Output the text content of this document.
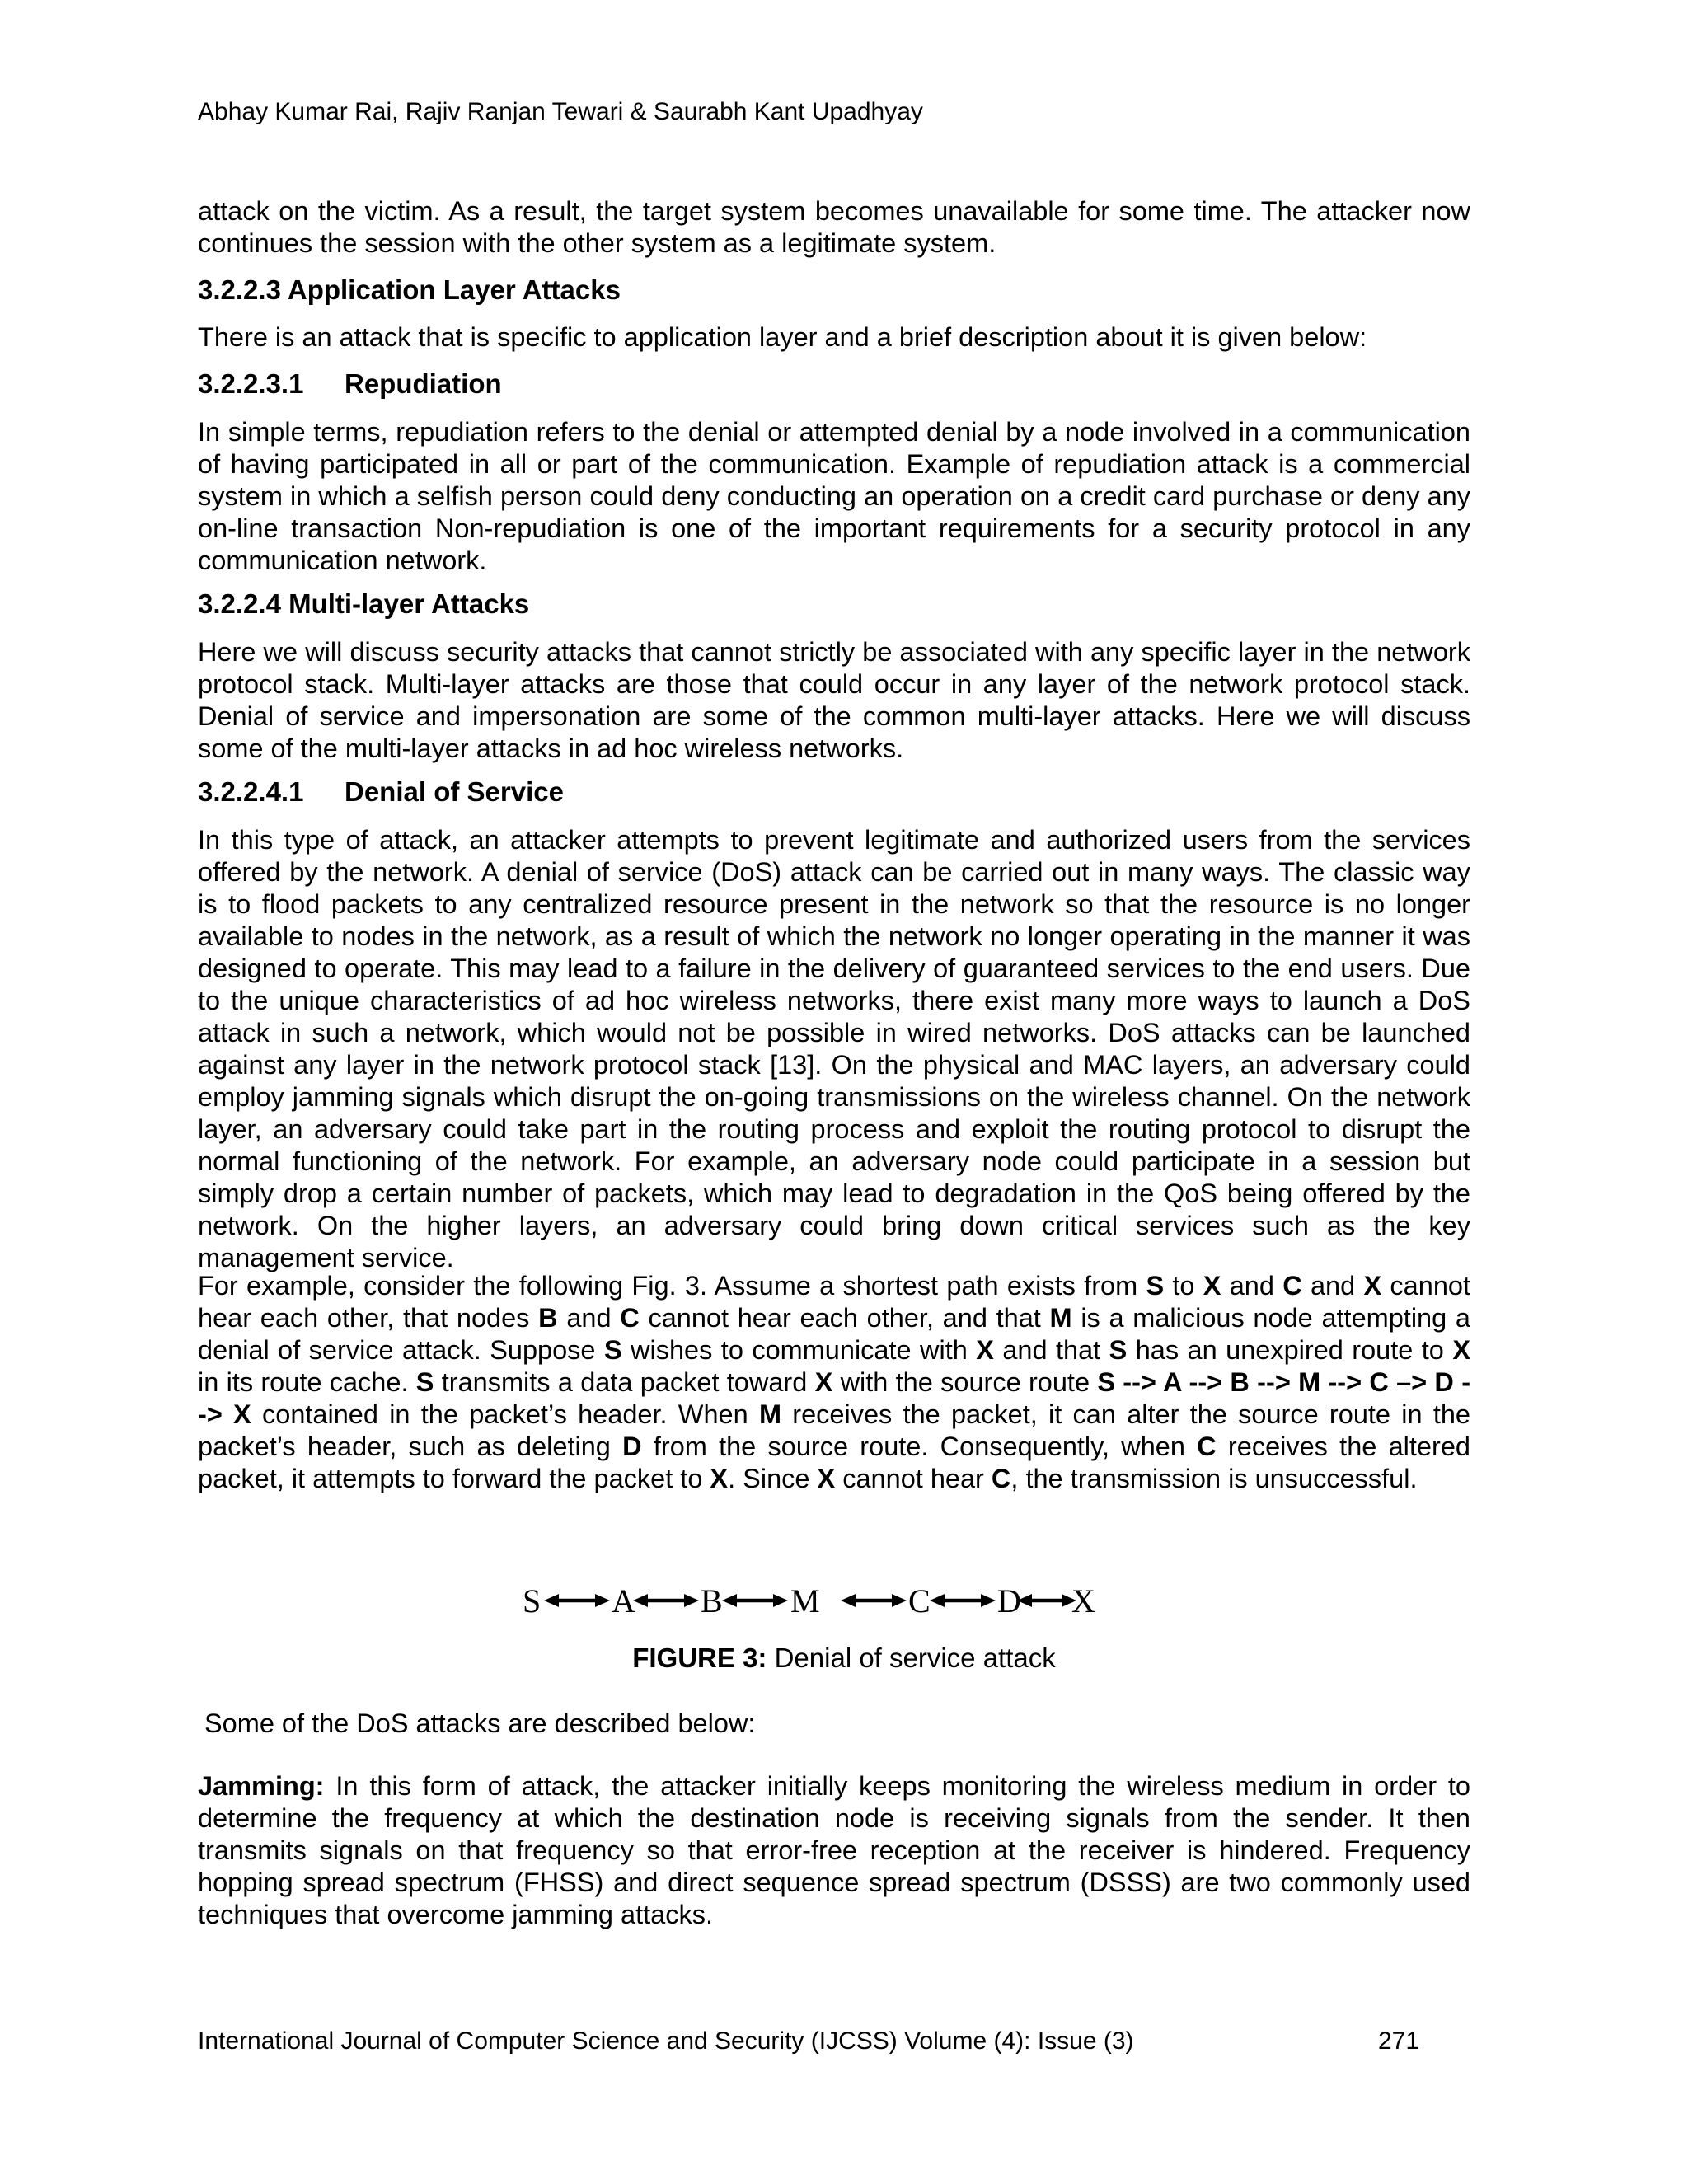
Abhay Kumar Rai, Rajiv Ranjan Tewari & Saurabh Kant Upadhyay

attack on the victim. As a result, the target system becomes unavailable for some time. The attacker now continues the session with the other system as a legitimate system.

3.2.2.3 Application Layer Attacks

There is an attack that is specific to application layer and a brief description about it is given below:

3.2.2.3.1 Repudiation

In simple terms, repudiation refers to the denial or attempted denial by a node involved in a communication of having participated in all or part of the communication. Example of repudiation attack is a commercial system in which a selfish person could deny conducting an operation on a credit card purchase or deny any on-line transaction Non-repudiation is one of the important requirements for a security protocol in any communication network.

3.2.2.4 Multi-layer Attacks

Here we will discuss security attacks that cannot strictly be associated with any specific layer in the network protocol stack. Multi-layer attacks are those that could occur in any layer of the network protocol stack. Denial of service and impersonation are some of the common multi-layer attacks. Here we will discuss some of the multi-layer attacks in ad hoc wireless networks.

3.2.2.4.1 Denial of Service

In this type of attack, an attacker attempts to prevent legitimate and authorized users from the services offered by the network. A denial of service (DoS) attack can be carried out in many ways. The classic way is to flood packets to any centralized resource present in the network so that the resource is no longer available to nodes in the network, as a result of which the network no longer operating in the manner it was designed to operate. This may lead to a failure in the delivery of guaranteed services to the end users. Due to the unique characteristics of ad hoc wireless networks, there exist many more ways to launch a DoS attack in such a network, which would not be possible in wired networks. DoS attacks can be launched against any layer in the network protocol stack [13]. On the physical and MAC layers, an adversary could employ jamming signals which disrupt the on-going transmissions on the wireless channel. On the network layer, an adversary could take part in the routing process and exploit the routing protocol to disrupt the normal functioning of the network. For example, an adversary node could participate in a session but simply drop a certain number of packets, which may lead to degradation in the QoS being offered by the network. On the higher layers, an adversary could bring down critical services such as the key management service.

For example, consider the following Fig. 3. Assume a shortest path exists from S to X and C and X cannot hear each other, that nodes B and C cannot hear each other, and that M is a malicious node attempting a denial of service attack. Suppose S wishes to communicate with X and that S has an unexpired route to X in its route cache. S transmits a data packet toward X with the source route S --> A --> B --> M --> C –> D --> X contained in the packet’s header. When M receives the packet, it can alter the source route in the packet’s header, such as deleting D from the source route. Consequently, when C receives the altered packet, it attempts to forward the packet to X. Since X cannot hear C, the transmission is unsuccessful.

S A B M	C D X
FIGURE 3: Denial of service attack

Some of the DoS attacks are described below:

Jamming: In this form of attack, the attacker initially keeps monitoring the wireless medium in order to determine the frequency at which the destination node is receiving signals from the sender. It then transmits signals on that frequency so that error-free reception at the receiver is hindered. Frequency hopping spread spectrum (FHSS) and direct sequence spread spectrum (DSSS) are two commonly used techniques that overcome jamming attacks.

International Journal of Computer Science and Security (IJCSS) Volume (4): Issue (3)	271
